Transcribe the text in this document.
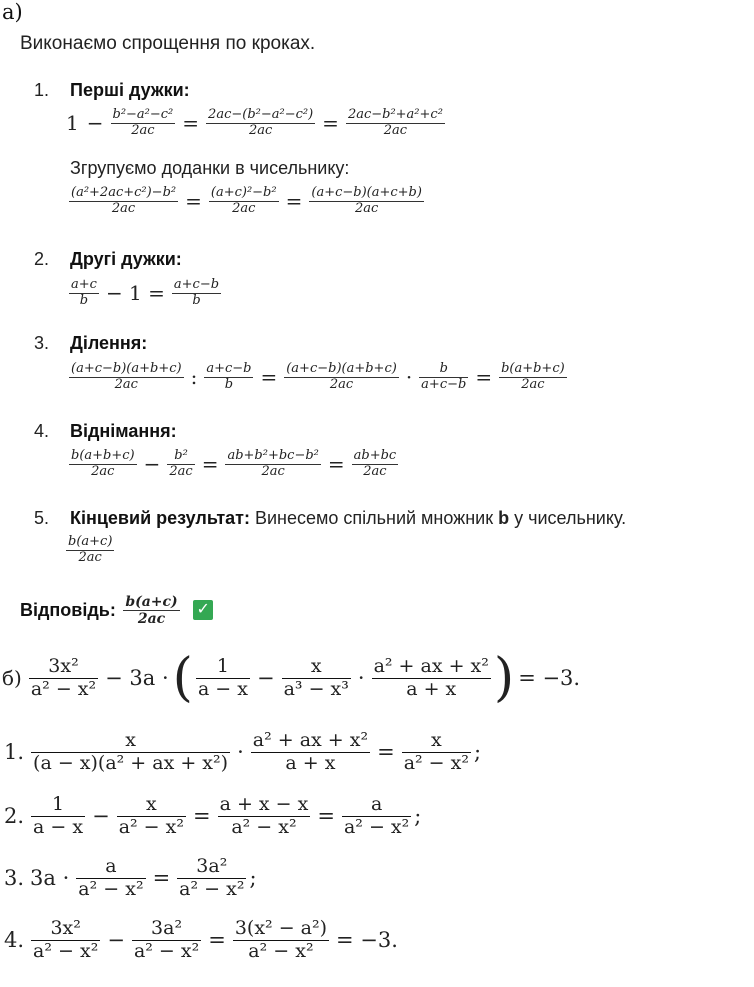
а)
Виконаємо спрощення по кроках.
1. Перші дужки:
$1 - \frac{\text{b²−a²−c²}}{2ac} = \frac{\text{2ac−(b²−a²−c²)}}{2ac} = \frac{\text{2ac−b²+a²+c²}}{2ac}$
Згрупуємо доданки в чисельнику:
$\frac{\text{(a²+2ac+c²)−b²}}{2ac} = \frac{\text{(a+c)²−b²}}{2ac} = \frac{(a+c-b)(a+c+b)}{2ac}$
2. Другі дужки:
$\frac{a+c}{b} - 1 = \frac{a+c-b}{b}$
3. Ділення:
$\frac{(a+c-b)(a+b+c)}{2ac}$ : $\frac{a+c-b}{b} = \frac{(a+c-b)(a+b+c)}{2ac} \cdot \frac{b}{a+c-b} = \frac{b(a+b+c)}{2ac}$
4. Віднімання:
$\frac{b(a+b+c)}{2ac} - \frac{\text{b²}}{2ac} = \frac{\text{ab+b²+bc−b²}}{2ac} = \frac{ab+bc}{2ac}$
5. Кінцевий результат: Винесемо спільний множник b у чисельнику.
$\frac{b(a+c)}{2ac}$
Відповідь: $\frac{b(a+c)}{2ac}$ ✓
$б) \frac{\text{3x²}}{\text{a² − x²}} - 3a$ ·( $\frac{1}{a - x} - \frac{x}{\text{a³ − x³}} \cdot \frac{\text{a² + ax + x²}}{a + x}$ ) = −3.
1. $\frac{x}{\text{(a − x)(a² + ax + x²)}} \cdot \frac{\text{a² + ax + x²}}{a + x} = \frac{x}{\text{a² − x²}}$ ;
2. $\frac{1}{a - x} - \frac{x}{\text{a² − x²}} = \frac{a + x - x}{\text{a² − x²}} = \frac{a}{\text{a² − x²}}$ ;
3. $3a \cdot \frac{a}{\text{a² − x²}} = \frac{\text{3a²}}{\text{a² − x²}}$ ;
4. $\frac{\text{3x²}}{\text{a² − x²}} - \frac{\text{3a²}}{\text{a² − x²}} = \frac{\text{3(x² − a²)}}{\text{a² − x²}} = -3$.
